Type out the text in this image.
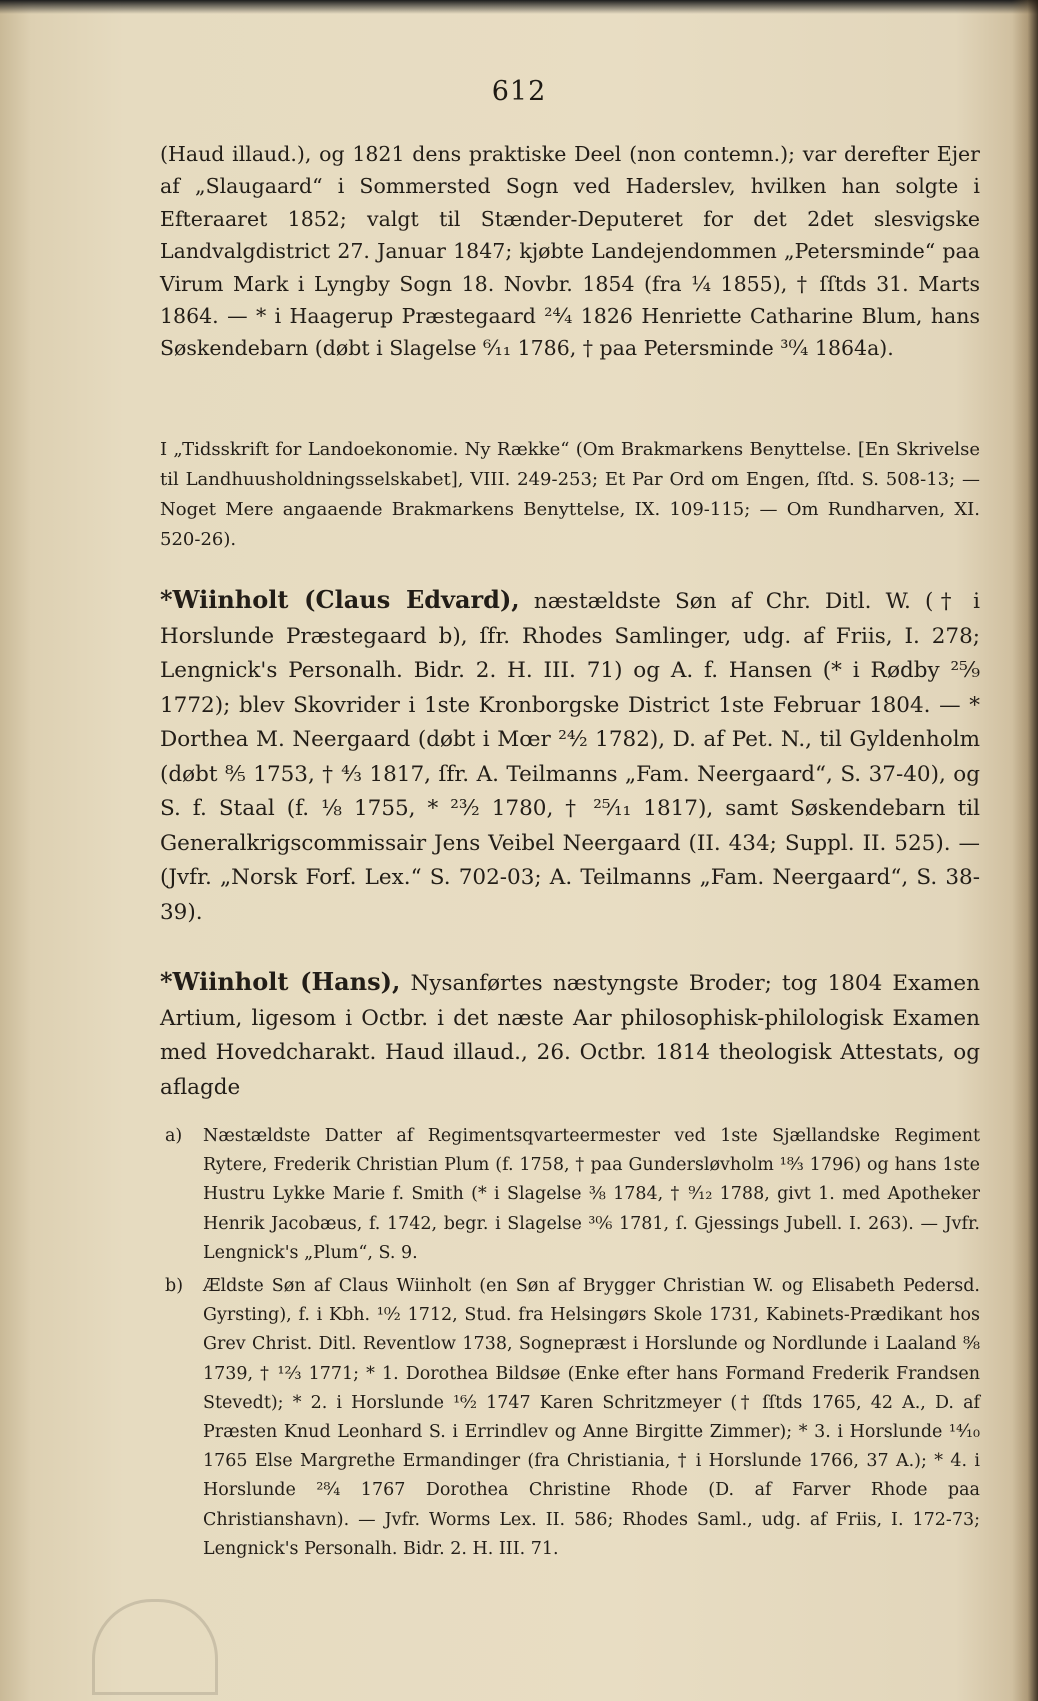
612

(Haud illaud.), og 1821 dens praktiske Deel (non contemn.); var derefter Ejer af „Slaugaard“ i Sommersted Sogn ved Haderslev, hvilken han solgte i Efteraaret 1852; valgt til Stænder-Deputeret for det 2det slesvigske Landvalgdistrict 27. Januar 1847; kjøbte Landejendommen „Petersminde“ paa Virum Mark i Lyngby Sogn 18. Novbr. 1854 (fra ¼ 1855), † ſſtds 31. Marts 1864. — * i Haagerup Præstegaard ²⁴⁄₄ 1826 Henriette Catharine Blum, hans Søskendebarn (døbt i Slagelse ⁶⁄₁₁ 1786, † paa Petersminde ³⁰⁄₄ 1864a).

I „Tidsskrift for Landoekonomie. Ny Række“ (Om Brakmarkens Benyttelse. [En Skrivelse til Landhuusholdningsselskabet], VIII. 249-253; Et Par Ord om Engen, ſſtd. S. 508-13; — Noget Mere angaaende Brakmarkens Benyttelse, IX. 109-115; — Om Rundharven, XI. 520-26).

*Wiinholt (Claus Edvard), næstældste Søn af Chr. Ditl. W. († i Horslunde Præstegaard b), ſfr. Rhodes Samlinger, udg. af Friis, I. 278; Lengnick's Personalh. Bidr. 2. H. III. 71) og A. f. Hansen (* i Rødby ²⁵⁄₉ 1772); blev Skovrider i 1ste Kronborgske District 1ste Februar 1804. — * Dorthea M. Neergaard (døbt i Mœr ²⁴⁄₂ 1782), D. af Pet. N., til Gyldenholm (døbt ⁸⁄₅ 1753, † ⁴⁄₃ 1817, ſfr. A. Teilmanns „Fam. Neergaard“, S. 37-40), og S. f. Staal (f. ⅛ 1755, * ²³⁄₂ 1780, † ²⁵⁄₁₁ 1817), samt Søskendebarn til Generalkrigscommissair Jens Veibel Neergaard (II. 434; Suppl. II. 525). — (Jvfr. „Norsk Forf. Lex.“ S. 702-03; A. Teilmanns „Fam. Neergaard“, S. 38-39).

*Wiinholt (Hans), Nysanførtes næstyngste Broder; tog 1804 Examen Artium, ligesom i Octbr. i det næste Aar philosophisk-philologisk Examen med Hovedcharakt. Haud illaud., 26. Octbr. 1814 theologisk Attestats, og aflagde

a) Næstældste Datter af Regimentsqvarteermester ved 1ste Sjællandske Regiment Rytere, Frederik Christian Plum (f. 1758, † paa Gundersløvholm ¹⁸⁄₃ 1796) og hans 1ste Hustru Lykke Marie f. Smith (* i Slagelse ⅜ 1784, † ⁹⁄₁₂ 1788, givt 1. med Apotheker Henrik Jacobæus, f. 1742, begr. i Slagelse ³⁰⁄₆ 1781, ſ. Gjessings Jubell. I. 263). — Jvfr. Lengnick's „Plum“, S. 9.

b) Ældste Søn af Claus Wiinholt (en Søn af Brygger Christian W. og Elisabeth Pedersd. Gyrsting), f. i Kbh. ¹⁰⁄₂ 1712, Stud. fra Helsingørs Skole 1731, Kabinets-Prædikant hos Grev Christ. Ditl. Reventlow 1738, Sognepræst i Horslunde og Nordlunde i Laaland ⁸⁄₈ 1739, † ¹²⁄₃ 1771; * 1. Dorothea Bildsøe (Enke efter hans Formand Frederik Frandsen Stevedt); * 2. i Horslunde ¹⁶⁄₂ 1747 Karen Schritzmeyer († ſſtds 1765, 42 A., D. af Præsten Knud Leonhard S. i Errindlev og Anne Birgitte Zimmer); * 3. i Horslunde ¹⁴⁄₁₀ 1765 Else Margrethe Ermandinger (fra Christiania, † i Horslunde 1766, 37 A.); * 4. i Horslunde ²⁸⁄₄ 1767 Dorothea Christine Rhode (D. af Farver Rhode paa Christianshavn). — Jvfr. Worms Lex. II. 586; Rhodes Saml., udg. af Friis, I. 172-73; Lengnick's Personalh. Bidr. 2. H. III. 71.
